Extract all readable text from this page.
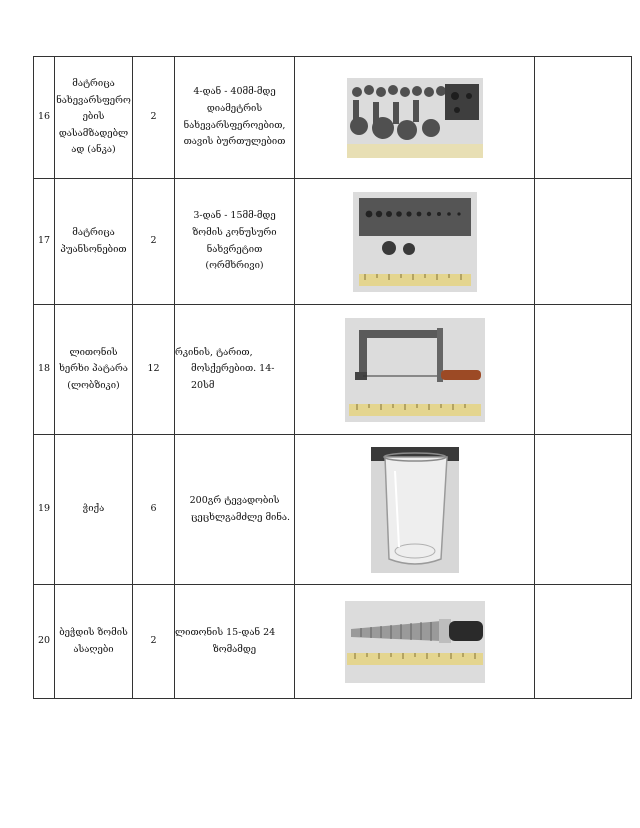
16	მატრიცა ნახევარსფერო ების დასამზადებლ ად (ანკა)	2	4-დან - 40მმ-მდე

დიამეტრის

ნახევარსფეროებით,

თავის ბურთულებით

17	მატრიცა პუანსონებით	2	3-დან - 15მმ-მდე

ზომის კონუსური

ნახვრეტით

(ორმხრივი)

18	ლითონის ხერხი პატარა (ლობზიკი)	12	რკინის, ტარით,

მოსქერებით. 14-

20სმ

19	ჭიქა	6	200გრ ტევადობის

ცეცხლგამძლე მინა.

20	ბეჭდის ზომის ასაღები	2	ლითონის 15-დან 24

ზომამდე
